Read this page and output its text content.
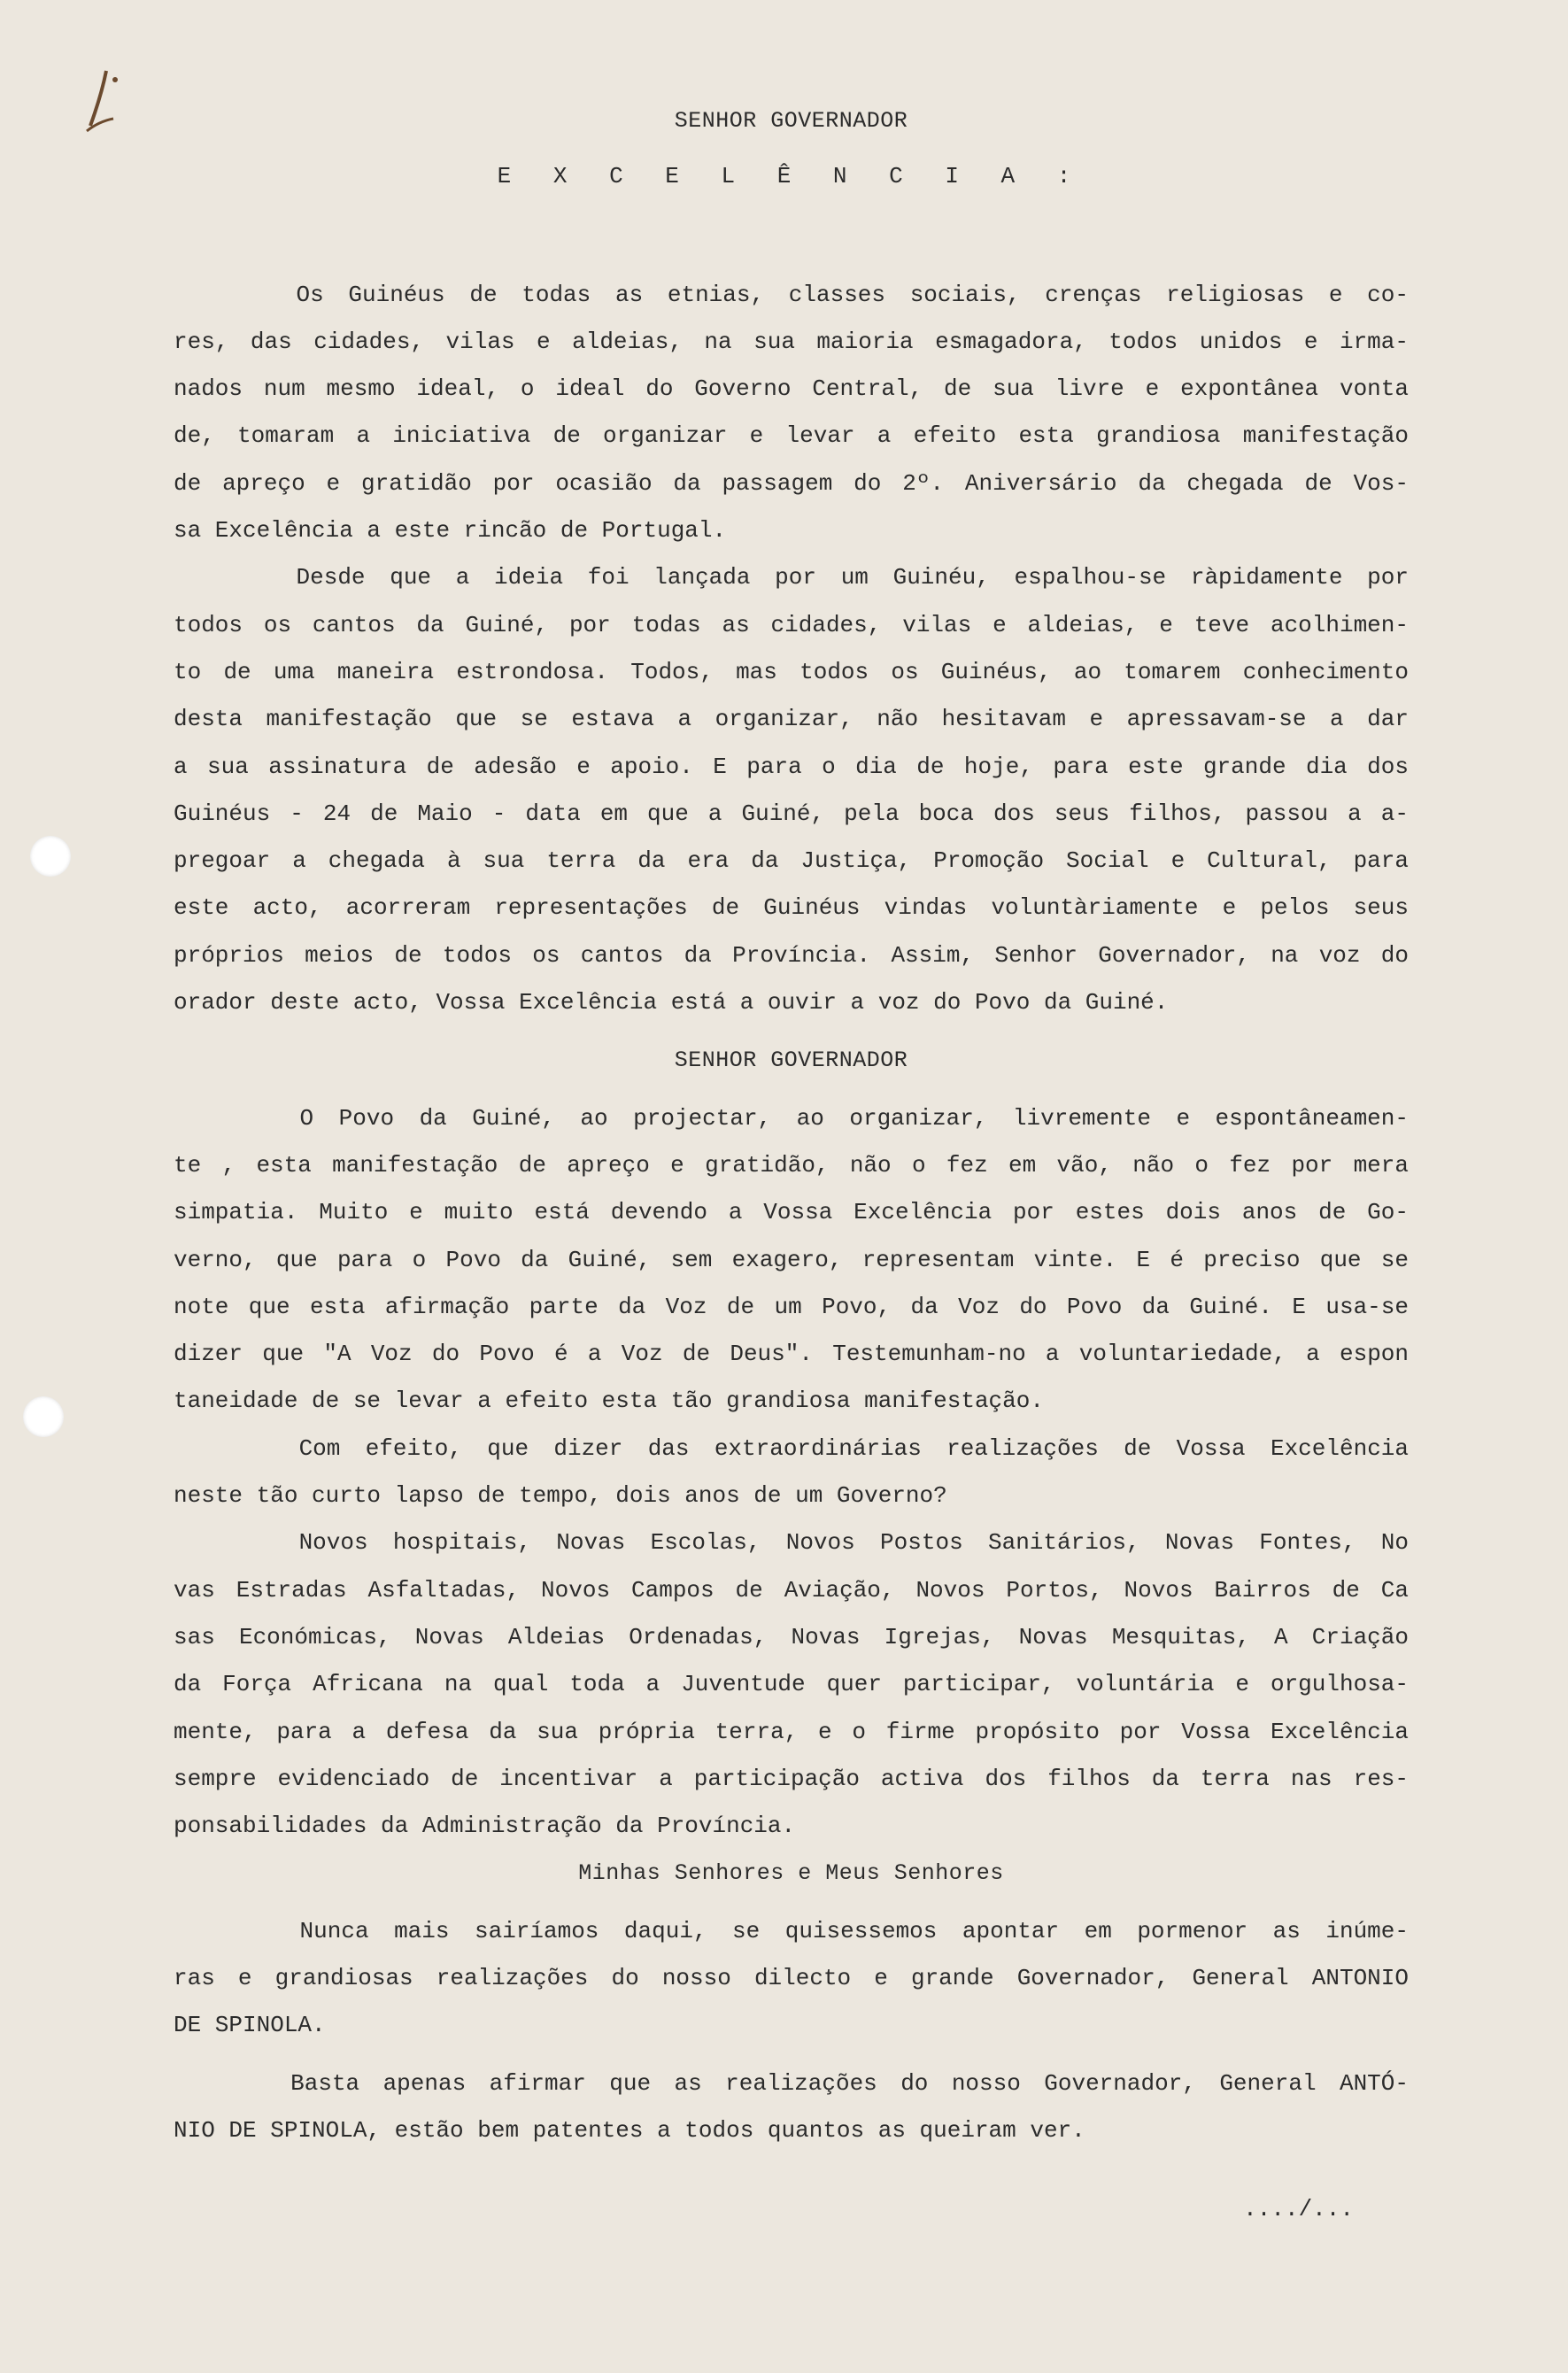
SENHOR GOVERNADOR

E X C E L Ê N C I A :

Os Guinéus de todas as etnias, classes sociais, crenças religiosas e co-
res, das cidades, vilas e aldeias, na sua maioria esmagadora, todos unidos e irma-
nados num mesmo ideal, o ideal do Governo Central, de sua livre e expontânea vonta
de, tomaram a iniciativa de organizar e levar a efeito esta grandiosa manifestação
de apreço e gratidão por ocasião da passagem do 2º. Aniversário da chegada de Vos-
sa Excelência a este rincão de Portugal.
Desde que a ideia foi lançada por um Guinéu, espalhou-se ràpidamente por
todos os cantos da Guiné, por todas as cidades, vilas e aldeias, e teve acolhimen-
to de uma maneira estrondosa. Todos, mas todos os Guinéus, ao tomarem conhecimento
desta manifestação que se estava a organizar, não hesitavam e apressavam-se a dar
a sua assinatura de adesão e apoio. E para o dia de hoje, para este grande dia dos
Guinéus - 24 de Maio - data em que a Guiné, pela boca dos seus filhos, passou a a-
pregoar a chegada à sua terra da era da Justiça, Promoção Social e Cultural, para
este acto, acorreram representações de Guinéus vindas voluntàriamente e pelos seus
próprios meios de todos os cantos da Província. Assim, Senhor Governador, na voz do
orador deste acto, Vossa Excelência está a ouvir a voz do Povo da Guiné.

SENHOR GOVERNADOR

O Povo da Guiné, ao projectar, ao organizar, livremente e espontâneamen-
te , esta manifestação de apreço e gratidão, não o fez em vão, não o fez por mera
simpatia. Muito e muito está devendo a Vossa Excelência por estes dois anos de Go-
verno, que para o Povo da Guiné, sem exagero, representam vinte. E é preciso que se
note que esta afirmação parte da Voz de um Povo, da Voz do Povo da Guiné. E usa-se
dizer que "A Voz do Povo é a Voz de Deus". Testemunham-no a voluntariedade, a espon
taneidade de se levar a efeito esta tão grandiosa manifestação.
Com efeito, que dizer das extraordinárias realizações de Vossa Excelência
neste tão curto lapso de tempo, dois anos de um Governo?
Novos hospitais, Novas Escolas, Novos Postos Sanitários, Novas Fontes, No
vas Estradas Asfaltadas, Novos Campos de Aviação, Novos Portos, Novos Bairros de Ca
sas Económicas, Novas Aldeias Ordenadas, Novas Igrejas, Novas Mesquitas, A Criação
da Força Africana na qual toda a Juventude quer participar, voluntária e orgulhosa-
mente, para a defesa da sua própria terra, e o firme propósito por Vossa Excelência
sempre evidenciado de incentivar a participação activa dos filhos da terra nas res-
ponsabilidades da Administração da Província.

Minhas Senhores e Meus Senhores

Nunca mais sairíamos daqui, se quisessemos apontar em pormenor as inúme-
ras e grandiosas realizações do nosso dilecto e grande Governador, General ANTONIO
DE SPINOLA.
Basta apenas afirmar que as realizações do nosso Governador, General ANTÓ-
NIO DE SPINOLA, estão bem patentes a todos quantos as queiram ver.
..../...
